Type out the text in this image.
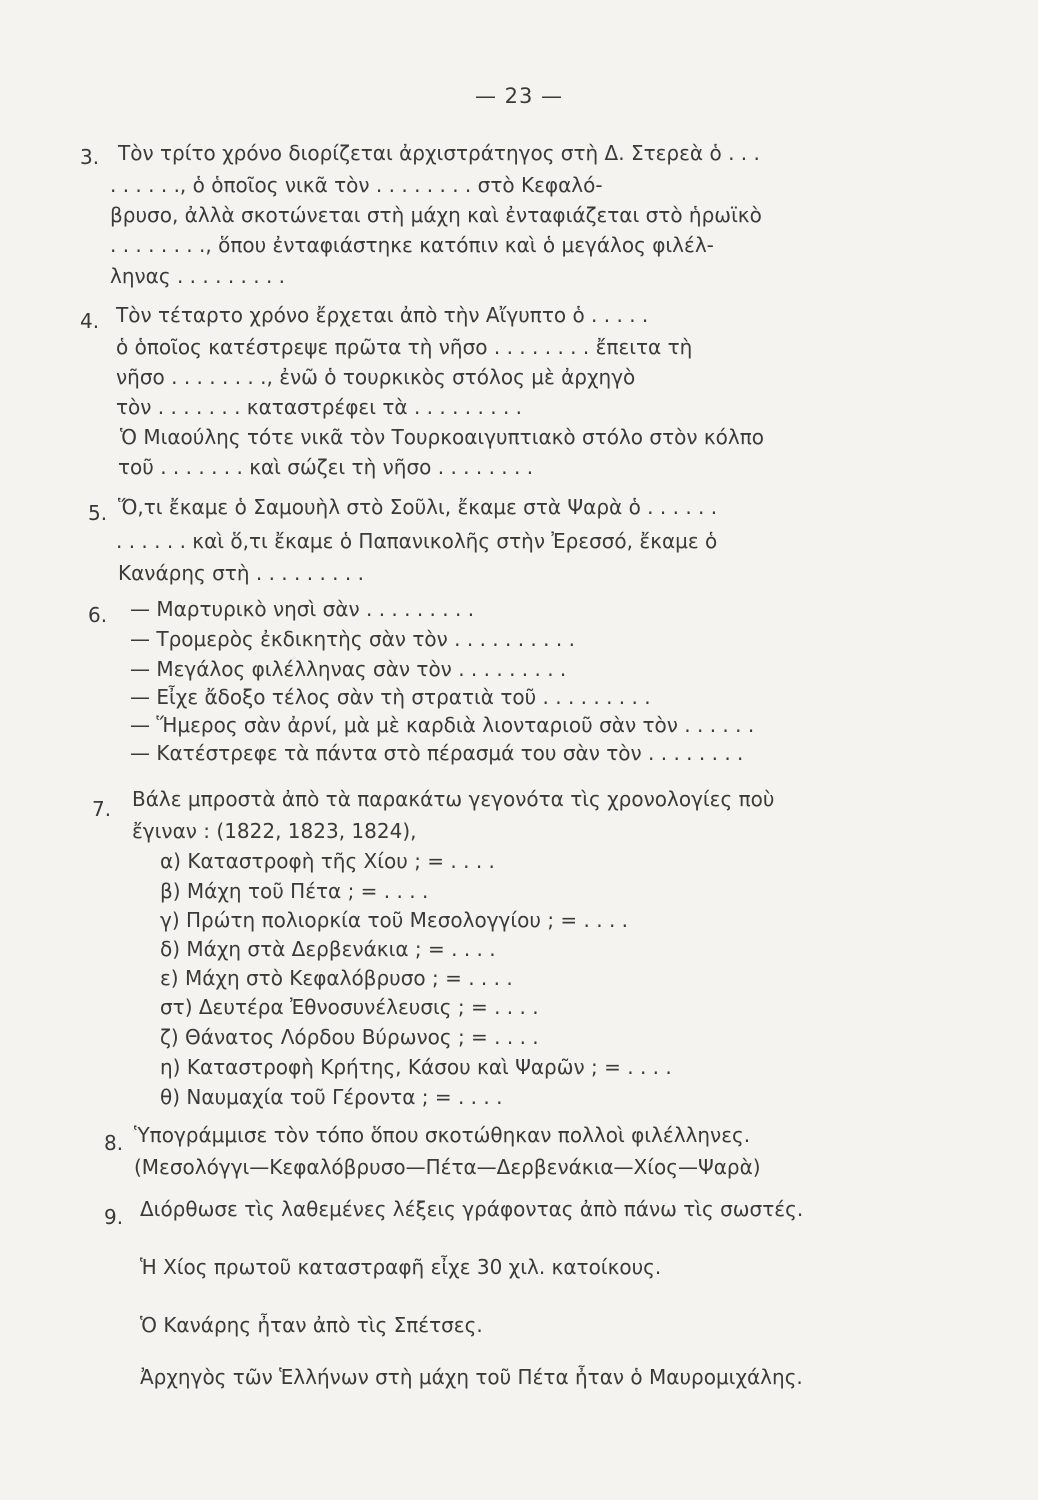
— 23 —
3. Τὸν τρίτο χρόνο διορίζεται ἀρχιστράτηγος στὴ Δ. Στερεὰ ὁ . . .
. . . . . ., ὁ ὁποῖος νικᾶ τὸν . . . . . . . . στὸ Κεφαλό-
βρυσο, ἀλλὰ σκοτώνεται στὴ μάχη καὶ ἐνταφιάζεται στὸ ἡρωϊκὸ
. . . . . . . ., ὅπου ἐνταφιάστηκε κατόπιν καὶ ὁ μεγάλος φιλέλ-
ληνας . . . . . . . . .
4. Τὸν τέταρτο χρόνο ἔρχεται ἀπὸ τὴν Αἴγυπτο ὁ . . . . .
ὁ ὁποῖος κατέστρεψε πρῶτα τὴ νῆσο . . . . . . . . ἔπειτα τὴ
νῆσο . . . . . . . ., ἐνῶ ὁ τουρκικὸς στόλος μὲ ἀρχηγὸ
τὸν . . . . . . . καταστρέφει τὰ . . . . . . . . .
Ὁ Μιαούλης τότε νικᾶ τὸν Τουρκοαιγυπτιακὸ στόλο στὸν κόλπο
τοῦ . . . . . . . καὶ σώζει τὴ νῆσο . . . . . . . .
5. Ὅ,τι ἔκαμε ὁ Σαμουὴλ στὸ Σοῦλι, ἔκαμε στὰ Ψαρὰ ὁ . . . . . .
. . . . . . καὶ ὅ,τι ἔκαμε ὁ Παπανικολῆς στὴν Ἐρεσσό, ἔκαμε ὁ
Κανάρης στὴ . . . . . . . . .
6. — Μαρτυρικὸ νησὶ σὰν . . . . . . . . .
— Τρομερὸς ἐκδικητὴς σὰν τὸν . . . . . . . . . .
— Μεγάλος φιλέλληνας σὰν τὸν . . . . . . . . .
— Εἶχε ἄδοξο τέλος σὰν τὴ στρατιὰ τοῦ . . . . . . . . .
— Ἥμερος σὰν ἀρνί, μὰ μὲ καρδιὰ λιονταριοῦ σὰν τὸν . . . . . .
— Κατέστρεφε τὰ πάντα στὸ πέρασμά του σὰν τὸν . . . . . . . .
7. Βάλε μπροστὰ ἀπὸ τὰ παρακάτω γεγονότα τὶς χρονολογίες ποὺ
ἔγιναν : (1822, 1823, 1824),
α) Καταστροφὴ τῆς Χίου ; = . . . .
β) Μάχη τοῦ Πέτα ; = . . . .
γ) Πρώτη πολιορκία τοῦ Μεσολογγίου ; = . . . .
δ) Μάχη στὰ Δερβενάκια ; = . . . .
ε) Μάχη στὸ Κεφαλόβρυσο ; = . . . .
στ) Δευτέρα Ἐθνοσυνέλευσις ; = . . . .
ζ) Θάνατος Λόρδου Βύρωνος ; = . . . .
η) Καταστροφὴ Κρήτης, Κάσου καὶ Ψαρῶν ; = . . . .
θ) Ναυμαχία τοῦ Γέροντα ; = . . . .
8. Ὑπογράμμισε τὸν τόπο ὅπου σκοτώθηκαν πολλοὶ φιλέλληνες.
(Μεσολόγγι—Κεφαλόβρυσο—Πέτα—Δερβενάκια—Χίος—Ψαρὰ)
9. Διόρθωσε τὶς λαθεμένες λέξεις γράφοντας ἀπὸ πάνω τὶς σωστές.
Ἡ Χίος πρωτοῦ καταστραφῆ εἶχε 30 χιλ. κατοίκους.
Ὁ Κανάρης ἦταν ἀπὸ τὶς Σπέτσες.
Ἀρχηγὸς τῶν Ἑλλήνων στὴ μάχη τοῦ Πέτα ἦταν ὁ Μαυρομιχάλης.
